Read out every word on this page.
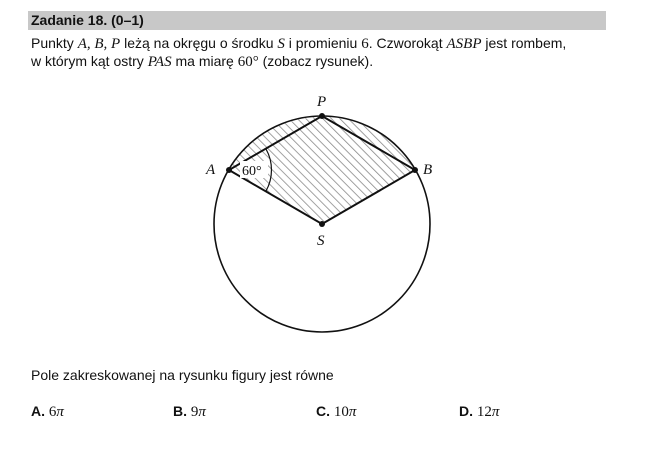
Zadanie 18. (0–1)
Punkty A, B, P leżą na okręgu o środku S i promieniu 6. Czworokąt ASBP jest rombem,
w którym kąt ostry PAS ma miarę 60° (zobacz rysunek).
60°
P
A	B
S
Pole zakreskowanej na rysunku figury jest równe
A. 6π	B. 9π	C. 10π	D. 12π
